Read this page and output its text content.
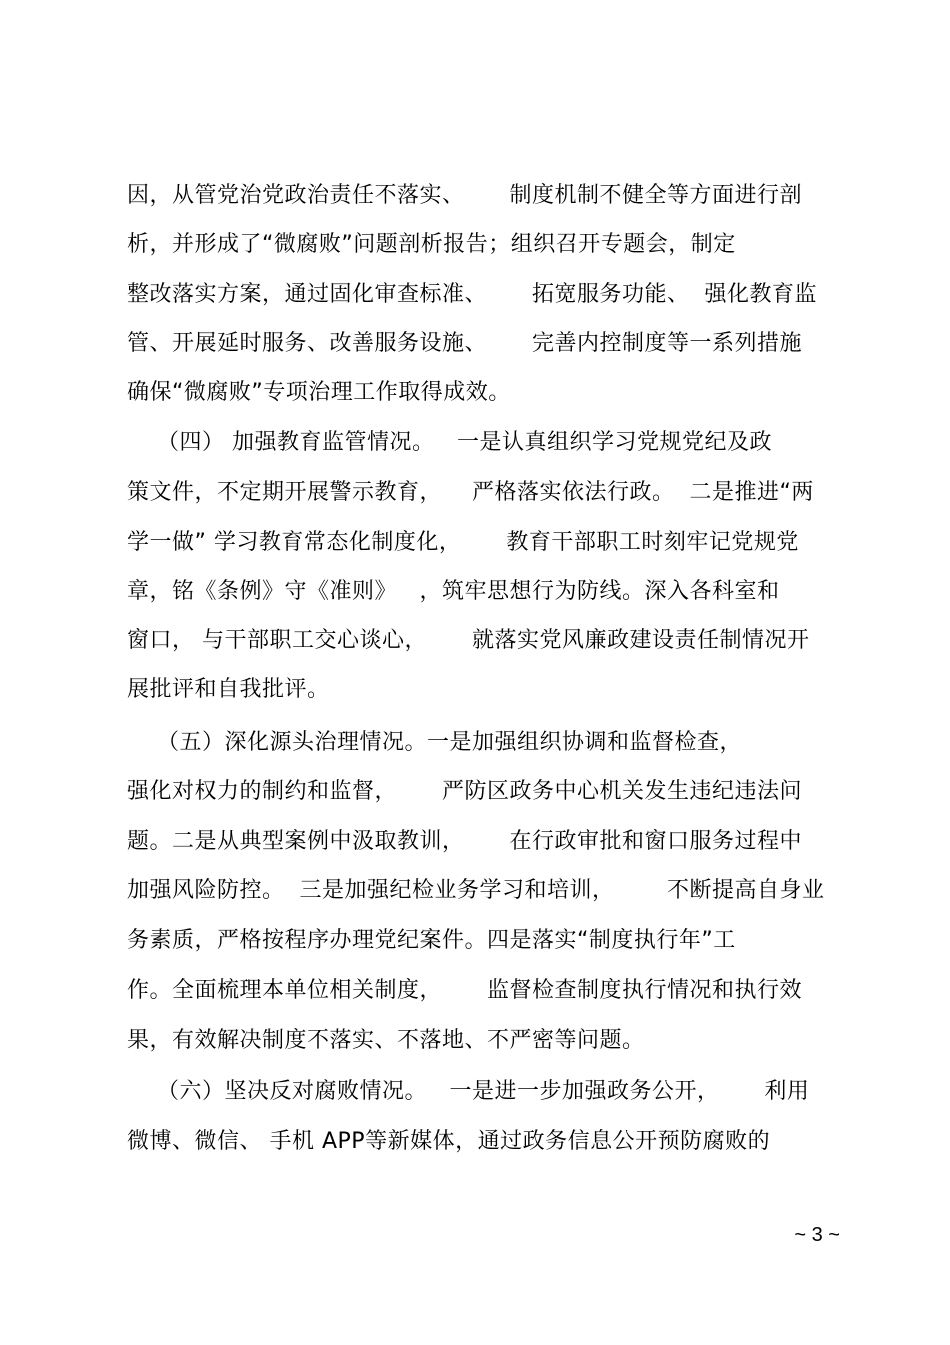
因，从管党治党政治责任不落实、      制度机制不健全等方面进行剖
析，并形成了“微腐败”问题剖析报告；组织召开专题会，制定
整改落实方案，通过固化审查标准、      拓宽服务功能、  强化教育监
管、开展延时服务、改善服务设施、      完善内控制度等一系列措施
确保“微腐败”专项治理工作取得成效。
（四） 加强教育监管情况。   一是认真组织学习党规党纪及政
策文件，不定期开展警示教育，    严格落实依法行政。  二是推进“两
学一做” 学习教育常态化制度化，      教育干部职工时刻牢记党规党
章，铭《条例》守《准则》   ，筑牢思想行为防线。深入各科室和
窗口， 与干部职工交心谈心，      就落实党风廉政建设责任制情况开
展批评和自我批评。
（五）深化源头治理情况。一是加强组织协调和监督检查，
强化对权力的制约和监督，      严防区政务中心机关发生违纪违法问
题。二是从典型案例中汲取教训，      在行政审批和窗口服务过程中
加强风险防控。  三是加强纪检业务学习和培训，       不断提高自身业
务素质，严格按程序办理党纪案件。四是落实“制度执行年”工
作。全面梳理本单位相关制度，      监督检查制度执行情况和执行效
果，有效解决制度不落实、不落地、不严密等问题。
（六）坚决反对腐败情况。   一是进一步加强政务公开，      利用
微博、微信、 手机 APP等新媒体，通过政务信息公开预防腐败的
~ 3 ~
